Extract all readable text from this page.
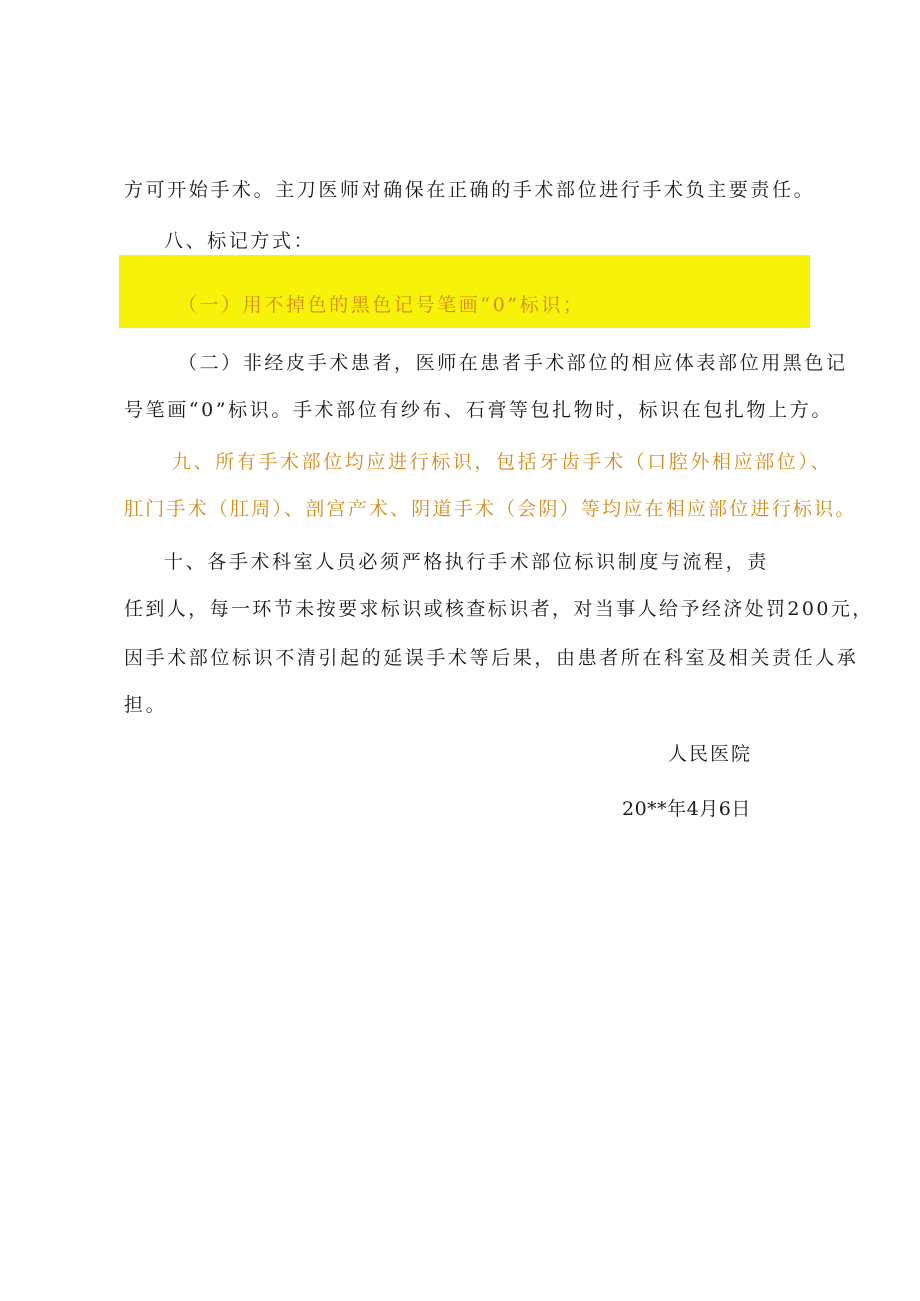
方可开始手术。主刀医师对确保在正确的手术部位进行手术负主要责任。
八、标记方式：
（一）用不掉色的黑色记号笔画“0”标识；
（二）非经皮手术患者，医师在患者手术部位的相应体表部位用黑色记
号笔画“0”标识。手术部位有纱布、石膏等包扎物时，标识在包扎物上方。
九、所有手术部位均应进行标识，包括牙齿手术（口腔外相应部位）、
肛门手术（肛周）、剖宫产术、阴道手术（会阴）等均应在相应部位进行标识。
十、各手术科室人员必须严格执行手术部位标识制度与流程，责
任到人，每一环节未按要求标识或核查标识者，对当事人给予经济处罚200元，
因手术部位标识不清引起的延误手术等后果，由患者所在科室及相关责任人承
担。
人民医院
20**年4月6日
